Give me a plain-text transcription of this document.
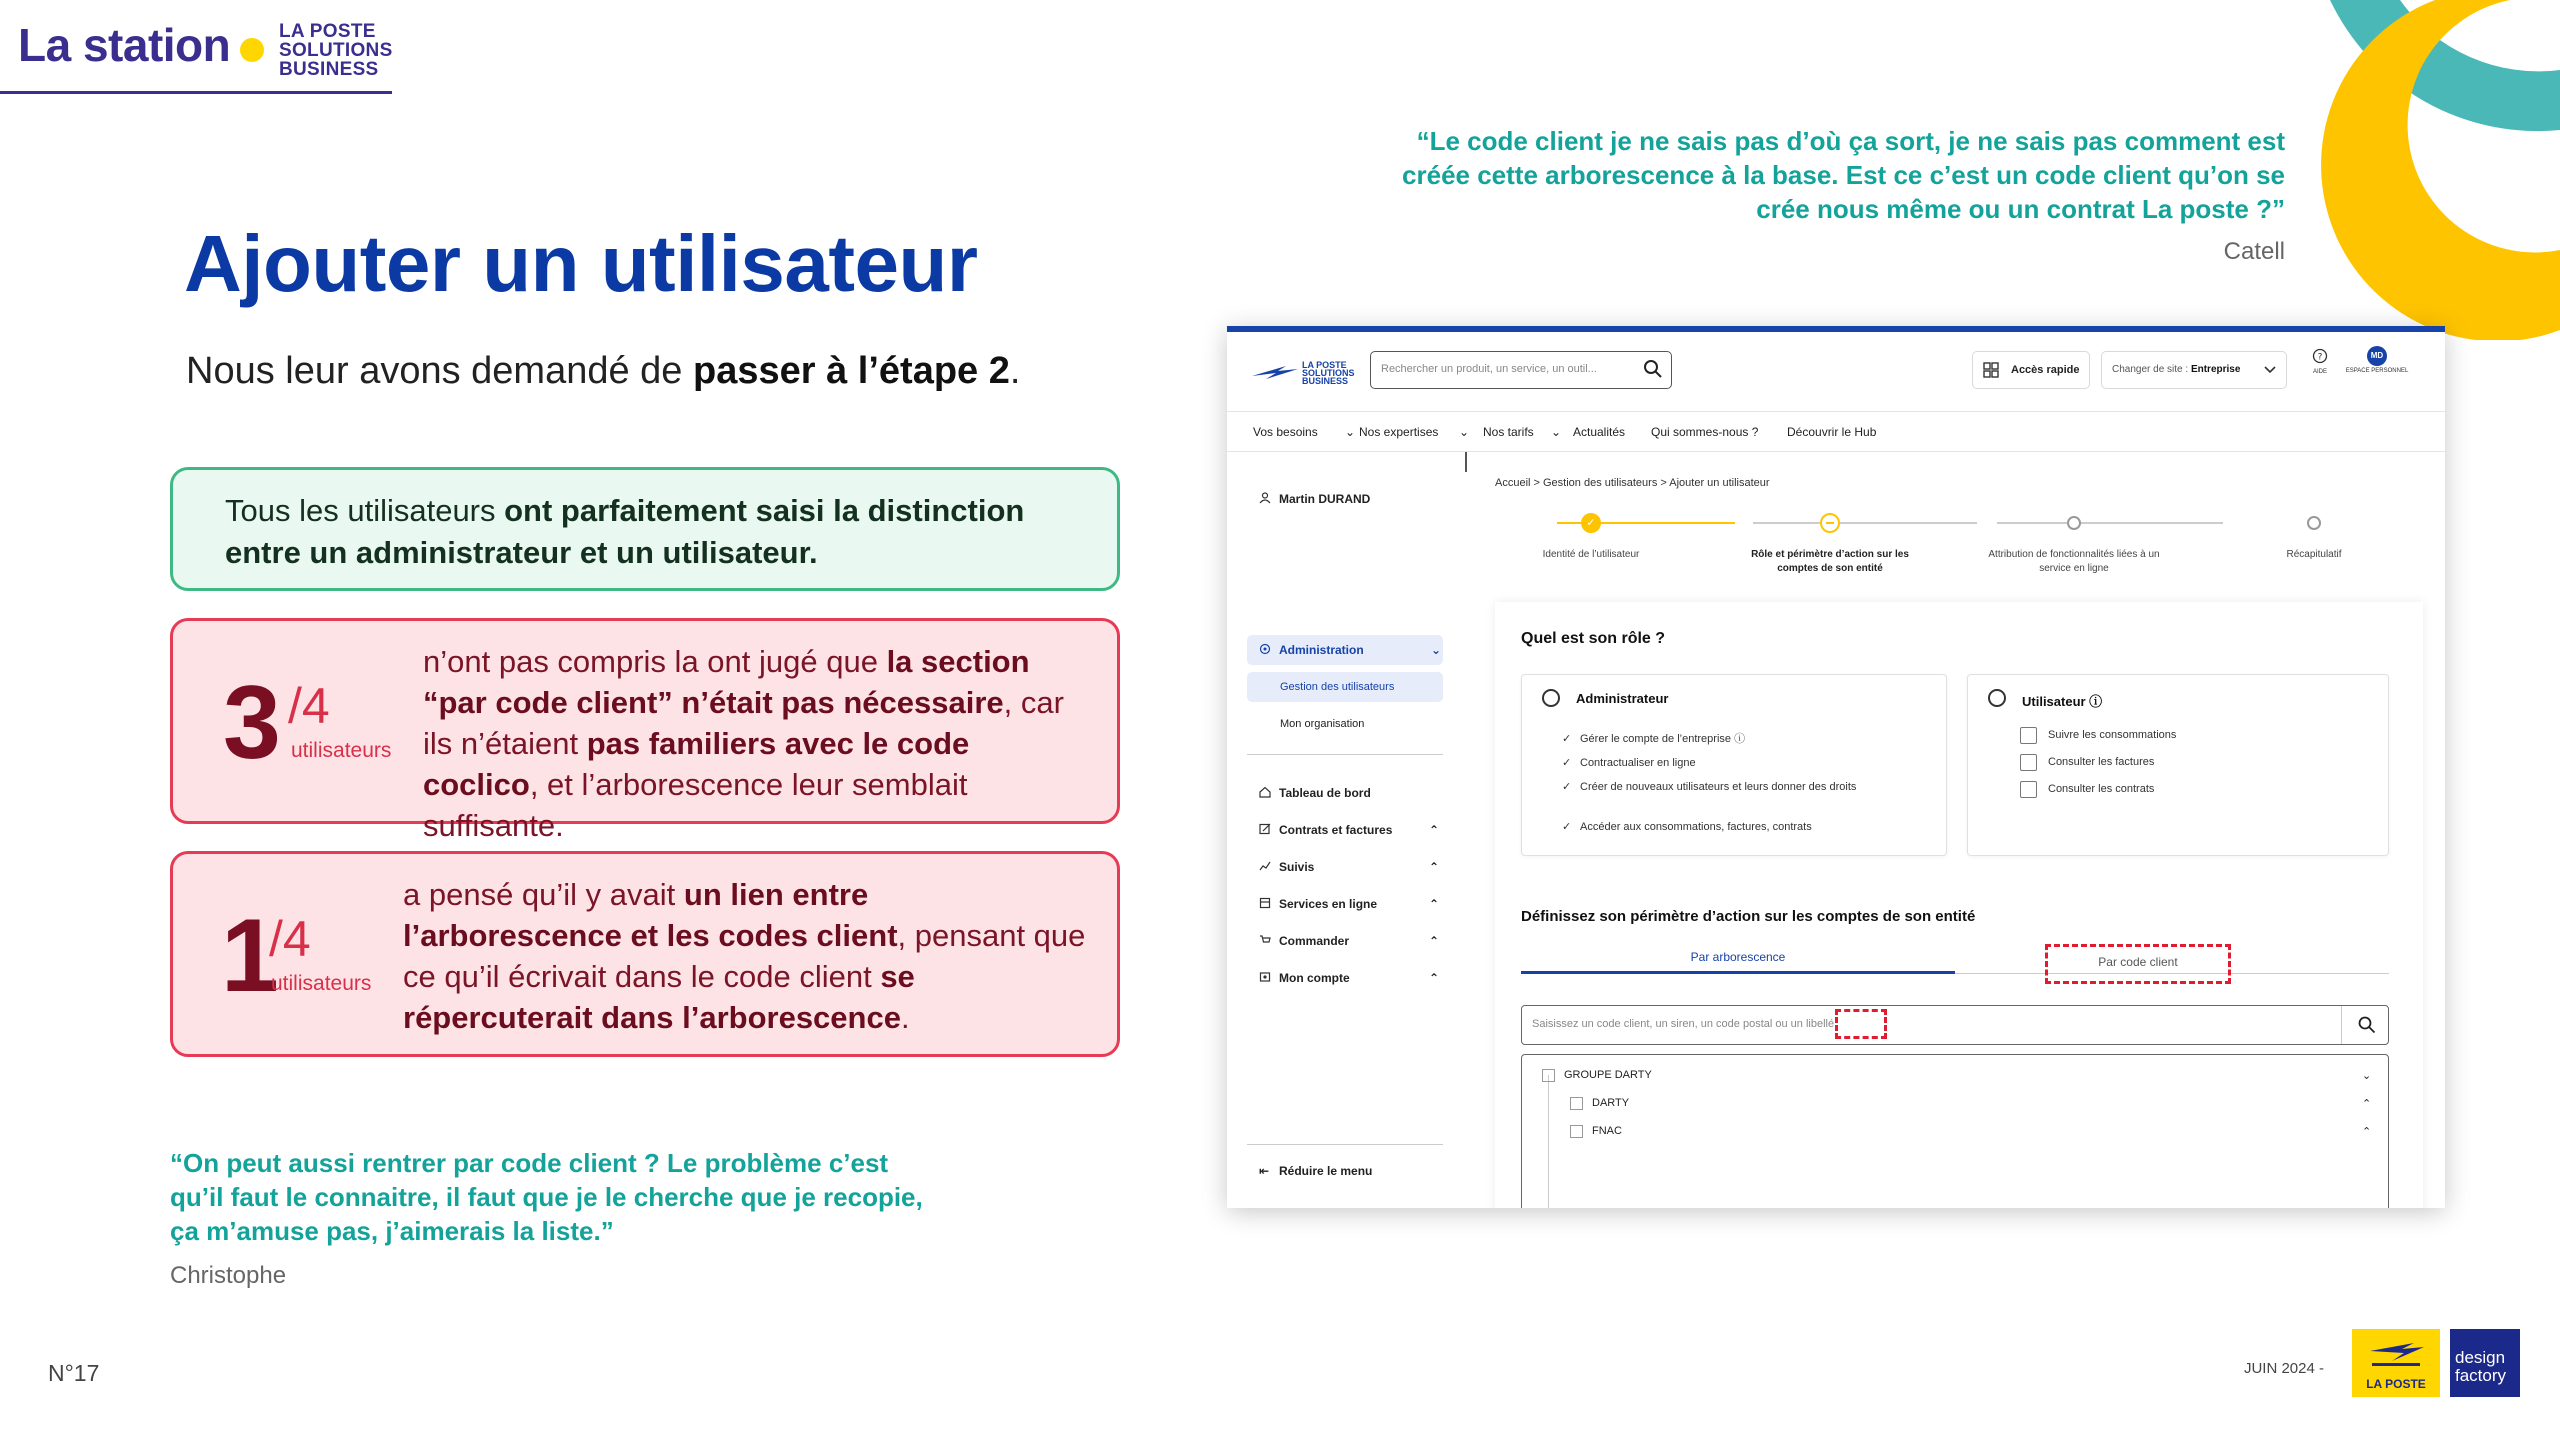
La station	LA POSTE
SOLUTIONS
BUSINESS
Ajouter un utilisateur
Nous leur avons demandé de passer à l’étape 2.

Tous les utilisateurs ont parfaitement saisi la distinction entre un administrateur et un utilisateur.

3 /4
utilisateurs

n’ont pas compris la ont jugé que la section “par code client” n’était pas nécessaire, car ils n’étaient pas familiers avec le code coclico, et l’arborescence leur semblait suffisante.

1
/4
utilisateurs

a pensé qu’il y avait un lien entre l’arborescence et les codes client, pensant que ce qu’il écrivait dans le code client se répercuterait dans l’arborescence.

“On peut aussi rentrer par code client ? Le problème c’est qu’il faut le connaitre, il faut que je le cherche que je recopie, ça m’amuse pas, j’aimerais la liste.”

Christophe

“Le code client je ne sais pas d’où ça sort, je ne sais pas comment est créée cette arborescence à la base. Est ce c’est un code client qu’on se crée nous même ou un contrat La poste ?”

Catell
N°17	JUIN 2024 -
LA POSTE
design factory
LA POSTE SOLUTIONS BUSINESS
Rechercher un produit, un service, un outil...	Accès rapide	Changer de site : Entreprise
?
AIDE
MD
ESPACE PERSONNEL
Vos besoins ⌄ Nos expertises ⌄ Nos tarifs ⌄ Actualités Qui sommes-nous ? Découvrir le Hub
Martin DURAND
Administration	⌄
Gestion des utilisateurs
Mon organisation
Tableau de bord
Contrats et factures	⌃
Suivis	⌃
Services en ligne	⌃
Commander	⌃
Mon compte	⌃
⇤ Réduire le menu
Accueil > Gestion des utilisateurs > Ajouter un utilisateur
✓
Identité de l’utilisateur	Rôle et périmètre d’action sur les comptes de son entité
Attribution de fonctionnalités liées à un service en ligne
Récapitulatif
Quel est son rôle ?
Administrateur
✓ Gérer le compte de l’entreprise ⓘ
✓ Contractualiser en ligne
✓ Créer de nouveaux utilisateurs et leurs donner des droits
✓ Accéder aux consommations, factures, contrats
Utilisateur ⓘ
Suivre les consommations
Consulter les factures
Consulter les contrats
Définissez son périmètre d’action sur les comptes de son entité
Par arborescence	Par code client
Saisissez un code client, un siren, un code postal ou un libellé
GROUPE DARTY	⌄
DARTY	⌃
FNAC	⌃
